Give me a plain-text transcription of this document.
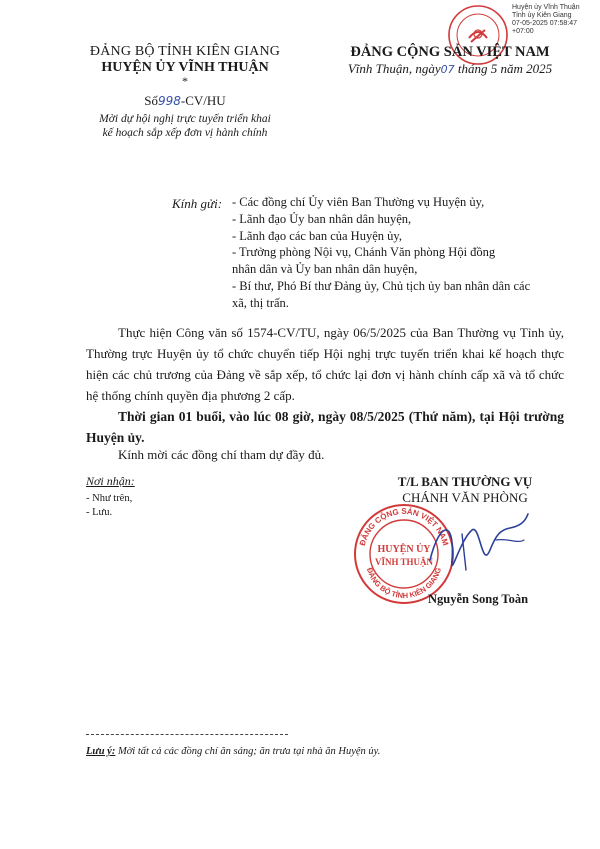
Huyện ủy Vĩnh Thuận
Tỉnh ủy Kiên Giang
07-05-2025 07:58:47
+07:00
ĐẢNG BỘ TỈNH KIÊN GIANG
HUYỆN ỦY VĨNH THUẬN
*
Số998-CV/HU
Mời dự hội nghị trực tuyến triển khai
kế hoạch sắp xếp đơn vị hành chính
ĐẢNG CỘNG SẢN VIỆT NAM
Vĩnh Thuận, ngày07 tháng 5 năm 2025
Kính gửi: - Các đồng chí Ủy viên Ban Thường vụ Huyện ủy,
- Lãnh đạo Ủy ban nhân dân huyện,
- Lãnh đạo các ban của Huyện ủy,
- Trưởng phòng Nội vụ, Chánh Văn phòng Hội đồng
nhân dân và Ủy ban nhân dân huyện,
- Bí thư, Phó Bí thư Đảng ủy, Chủ tịch ủy ban nhân dân các
xã, thị trấn.
Thực hiện Công văn số 1574-CV/TU, ngày 06/5/2025 của Ban Thường vụ Tỉnh ủy, Thường trực Huyện ủy tổ chức chuyển tiếp Hội nghị trực tuyến triển khai kế hoạch thực hiện các chủ trương của Đảng về sắp xếp, tổ chức lại đơn vị hành chính cấp xã và tổ chức hệ thống chính quyền địa phương 2 cấp.
Thời gian 01 buổi, vào lúc 08 giờ, ngày 08/5/2025 (Thứ năm), tại Hội trường Huyện ủy.
Kính mời các đồng chí tham dự đầy đủ.
Nơi nhận:
- Như trên,
- Lưu.
T/L BAN THƯỜNG VỤ
CHÁNH VĂN PHÒNG
ĐẢNG CỘNG SẢN VIỆT NAM
ĐẢNG BỘ TỈNH KIÊN GIANG
HUYỆN ỦY
VĨNH THUẬN
Nguyễn Song Toàn
Lưu ý: Mời tất cả các đồng chí ăn sáng; ăn trưa tại nhà ăn Huyện ủy.
